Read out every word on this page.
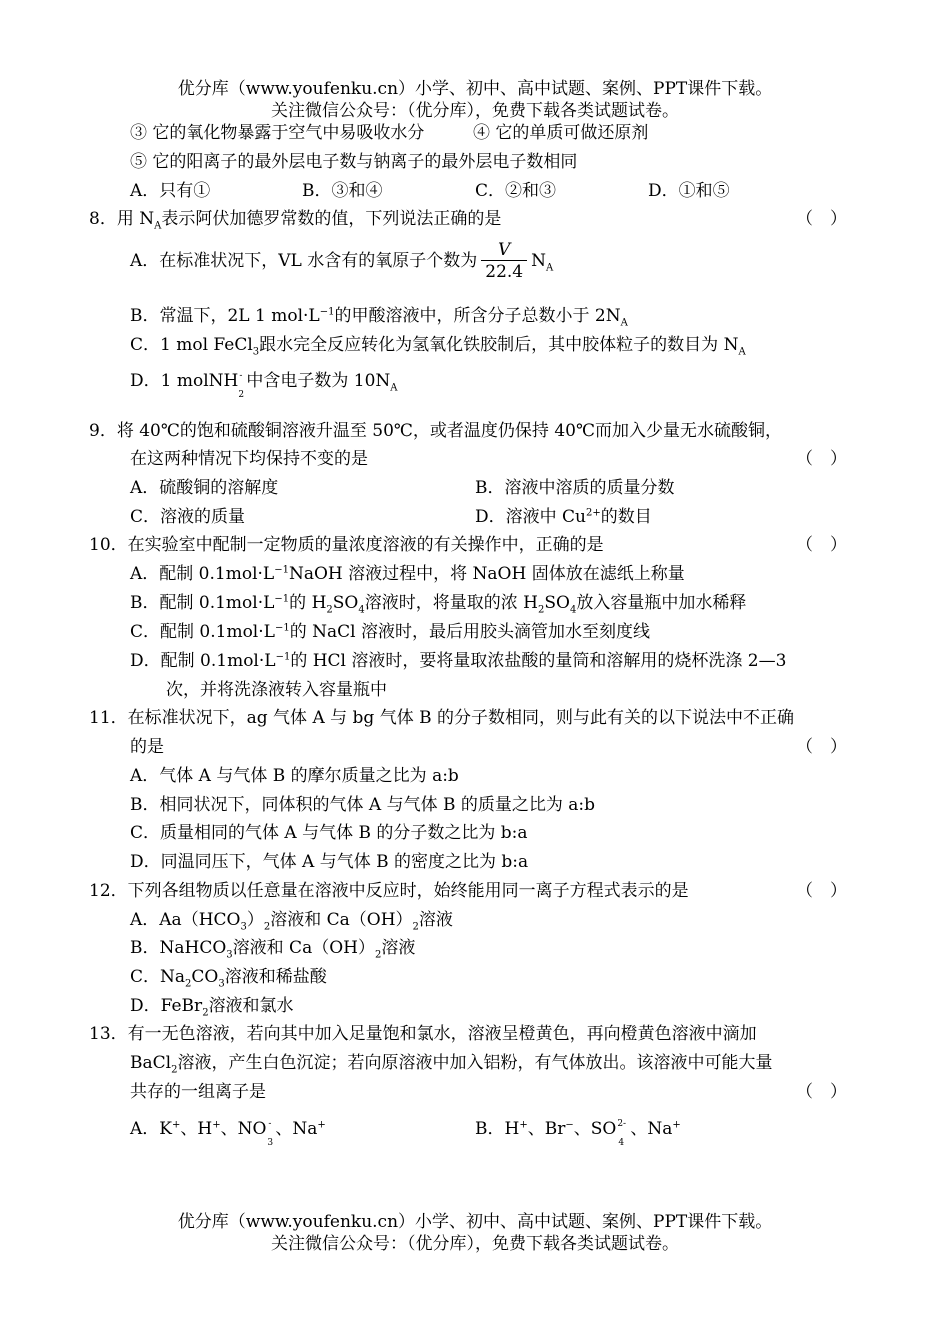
优分库（www.youfenku.cn）小学、初中、高中试题、案例、PPT课件下载。
关注微信公众号：（优分库），免费下载各类试题试卷。
③ 它的氧化物暴露于空气中易吸收水分	④ 它的单质可做还原剂
⑤ 它的阳离子的最外层电子数与钠离子的最外层电子数相同
A．只有①	B．③和④	C．②和③	D．①和⑤
8．用 $N_A$表示阿伏加德罗常数的值，下列说法正确的是	（　）
A．在标准状况下，VL 水含有的氧原子个数为 $\frac{V}{22.4} N_A$
B．常温下，2L 1 $mol\cdot L^{-1}$的甲酸溶液中，所含分子总数小于 $2N_A$
C．1 mol FeCl$_3$跟水完全反应转化为氢氧化铁胶制后，其中胶体粒子的数目为 $N_A$
D．1 molNH -
2
中含电子数为 $10N_A$
9．将 40℃的饱和硫酸铜溶液升温至 50℃，或者温度仍保持 40℃而加入少量无水硫酸铜，
在这两种情况下均保持不变的是	（　）
A．硫酸铜的溶解度	B．溶液中溶质的质量分数
C．溶液的质量	D．溶液中 $Cu^{2+}$的数目
10．在实验室中配制一定物质的量浓度溶液的有关操作中，正确的是	（　）
A．配制 $0.1mol\cdot L^{-1}NaOH$ 溶液过程中，将 NaOH 固体放在滤纸上称量
B．配制 $0.1mol\cdot L^{-1}$的 $H_2SO_4$溶液时，将量取的浓 $H_2SO_4$放入容量瓶中加水稀释
C．配制 $0.1mol\cdot L^{-1}$的 NaCl 溶液时，最后用胶头滴管加水至刻度线
D．配制 $0.1mol\cdot L^{-1}$的 HCl 溶液时，要将量取浓盐酸的量筒和溶解用的烧杯洗涤 2—3
次，并将洗涤液转入容量瓶中
11．在标准状况下，ag 气体 A 与 bg 气体 B 的分子数相同，则与此有关的以下说法中不正确
的是	（　）
A．气体 A 与气体 B 的摩尔质量之比为 a:b
B．相同状况下，同体积的气体 A 与气体 B 的质量之比为 a:b
C．质量相同的气体 A 与气体 B 的分子数之比为 b:a
D．同温同压下，气体 A 与气体 B 的密度之比为 b:a
12．下列各组物质以任意量在溶液中反应时，始终能用同一离子方程式表示的是	（　）
A．$Aa(HCO_3)_2$溶液和 $Ca(OH)_2$溶液
B．NaHCO$_3$溶液和 $Ca(OH)_2$溶液
C．$Na_2CO_3$溶液和稀盐酸
D．FeBr$_2$溶液和氯水
13．有一无色溶液，若向其中加入足量饱和氯水，溶液呈橙黄色，再向橙黄色溶液中滴加
BaCl$_2$溶液，产生白色沉淀；若向原溶液中加入铝粉，有气体放出。该溶液中可能大量
共存的一组离子是	（　）
A．K+、H+、NO -
3
、Na+	B．H+、Br−、SO 2-
4
、Na+
优分库（www.youfenku.cn）小学、初中、高中试题、案例、PPT课件下载。
关注微信公众号：（优分库），免费下载各类试题试卷。
